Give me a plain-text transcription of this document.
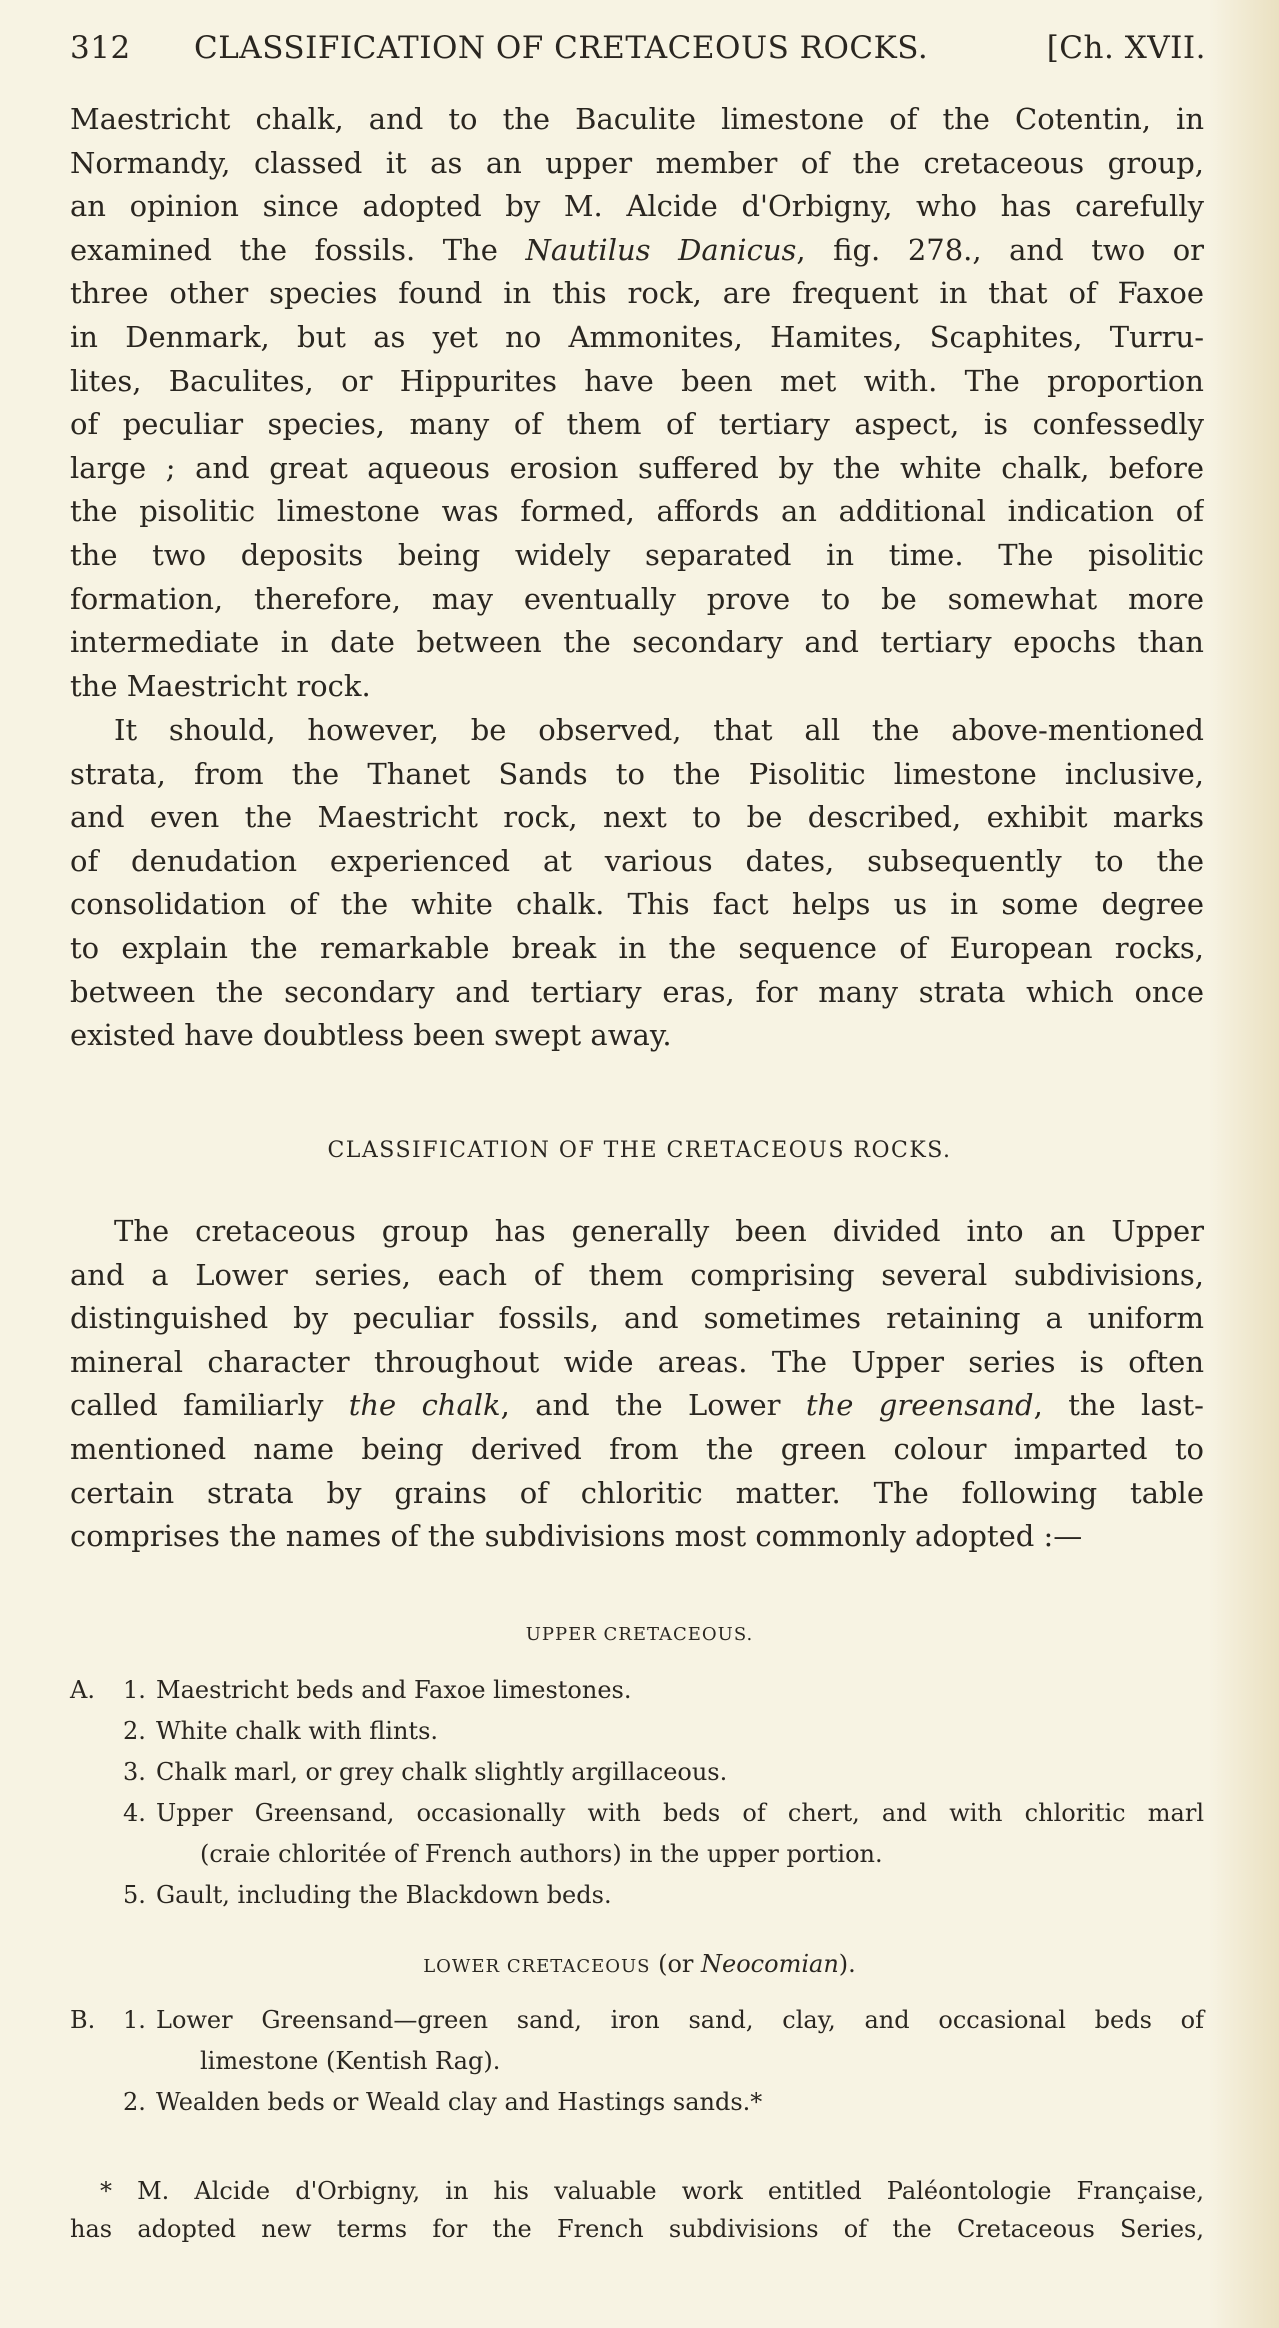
312 CLASSIFICATION OF CRETACEOUS ROCKS.	[Ch. XVII.
Maestricht chalk, and to the Baculite limestone of the Cotentin, in
Normandy, classed it as an upper member of the cretaceous group,
an opinion since adopted by M. Alcide d'Orbigny, who has carefully
examined the fossils. The Nautilus Danicus, fig. 278., and two or
three other species found in this rock, are frequent in that of Faxoe
in Denmark, but as yet no Ammonites, Hamites, Scaphites, Turru-
lites, Baculites, or Hippurites have been met with. The proportion
of peculiar species, many of them of tertiary aspect, is confessedly
large ; and great aqueous erosion suffered by the white chalk, before
the pisolitic limestone was formed, affords an additional indication of
the two deposits being widely separated in time. The pisolitic
formation, therefore, may eventually prove to be somewhat more
intermediate in date between the secondary and tertiary epochs than
the Maestricht rock.
It should, however, be observed, that all the above-mentioned
strata, from the Thanet Sands to the Pisolitic limestone inclusive,
and even the Maestricht rock, next to be described, exhibit marks
of denudation experienced at various dates, subsequently to the
consolidation of the white chalk. This fact helps us in some degree
to explain the remarkable break in the sequence of European rocks,
between the secondary and tertiary eras, for many strata which once
existed have doubtless been swept away.
CLASSIFICATION OF THE CRETACEOUS ROCKS.
The cretaceous group has generally been divided into an Upper
and a Lower series, each of them comprising several subdivisions,
distinguished by peculiar fossils, and sometimes retaining a uniform
mineral character throughout wide areas. The Upper series is often
called familiarly the chalk, and the Lower the greensand, the last-
mentioned name being derived from the green colour imparted to
certain strata by grains of chloritic matter. The following table
comprises the names of the subdivisions most commonly adopted :—
UPPER CRETACEOUS.
A. 1. Maestricht beds and Faxoe limestones.
2. White chalk with flints.
3. Chalk marl, or grey chalk slightly argillaceous.
4. Upper Greensand, occasionally with beds of chert, and with chloritic marl
(craie chloritée of French authors) in the upper portion.
5. Gault, including the Blackdown beds.
LOWER CRETACEOUS (or Neocomian).
B. 1. Lower Greensand—green sand, iron sand, clay, and occasional beds of
limestone (Kentish Rag).
2. Wealden beds or Weald clay and Hastings sands.*
* M. Alcide d'Orbigny, in his valuable work entitled Paléontologie Française,
has adopted new terms for the French subdivisions of the Cretaceous Series,
